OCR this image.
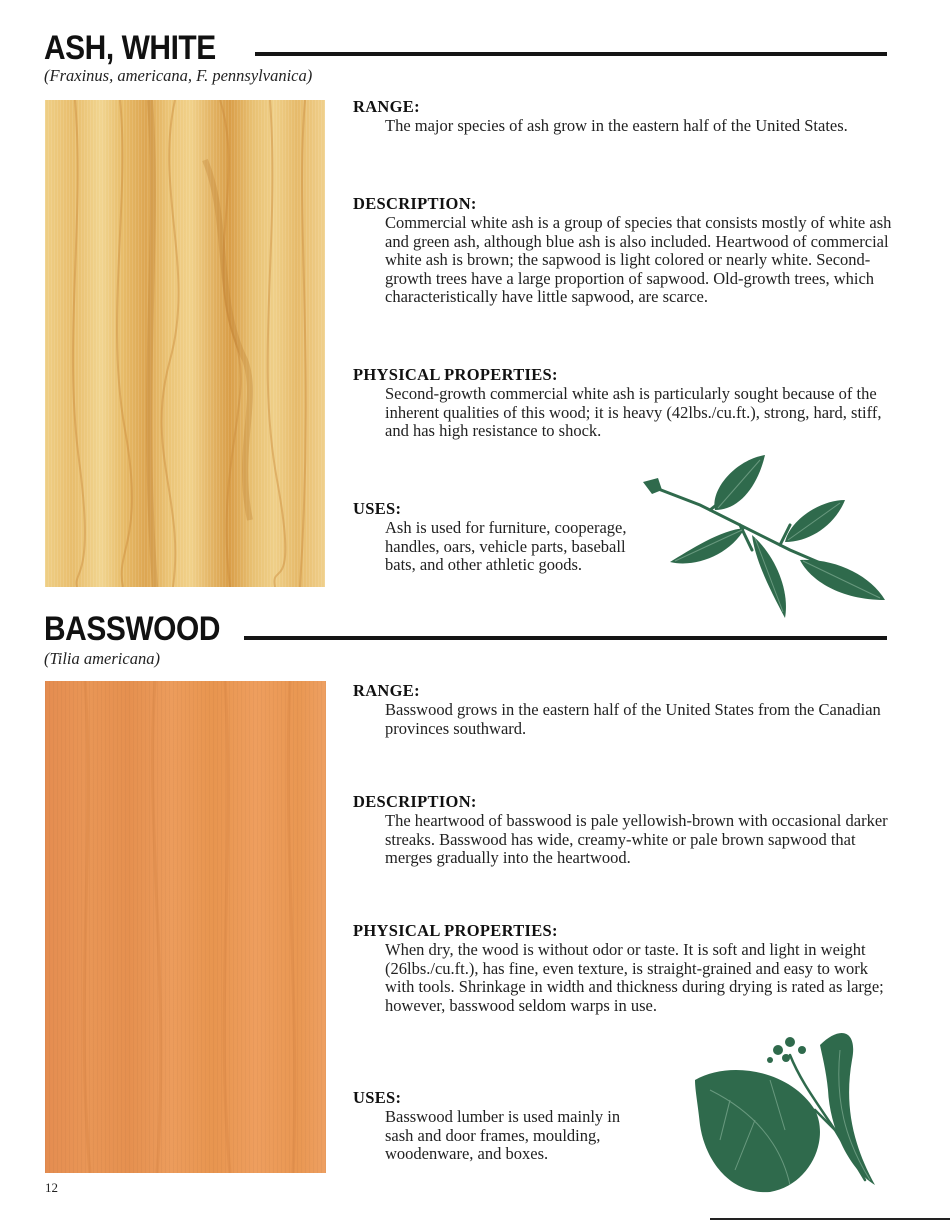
ASH, WHITE

(Fraxinus, americana, F. pennsylvanica)

RANGE:

The major species of ash grow in the eastern half of the United States.

DESCRIPTION:

Commercial white ash is a group of species that consists mostly of white ash and green ash, although blue ash is also included. Heartwood of commercial white ash is brown; the sapwood is light colored or nearly white. Second-growth trees have a large proportion of sapwood. Old-growth trees, which characteristically have little sapwood, are scarce.

PHYSICAL PROPERTIES:

Second-growth commercial white ash is particularly sought because of the inherent qualities of this wood; it is heavy (42lbs./cu.ft.), strong, hard, stiff, and has high resistance to shock.

USES:

Ash is used for furniture, cooperage, handles, oars, vehicle parts, baseball bats, and other athletic goods.

BASSWOOD

(Tilia americana)

RANGE:

Basswood grows in the eastern half of the United States from the Canadian provinces southward.

DESCRIPTION:

The heartwood of basswood is pale yellowish-brown with occasional darker streaks. Basswood has wide, creamy-white or pale brown sapwood that merges gradually into the heartwood.

PHYSICAL PROPERTIES:

When dry, the wood is without odor or taste. It is soft and light in weight (26lbs./cu.ft.), has fine, even texture, is straight-grained and easy to work with tools. Shrinkage in width and thickness during drying is rated as large; however, basswood seldom warps in use.

USES:

Basswood lumber is used mainly in sash and door frames, moulding, woodenware, and boxes.

12
